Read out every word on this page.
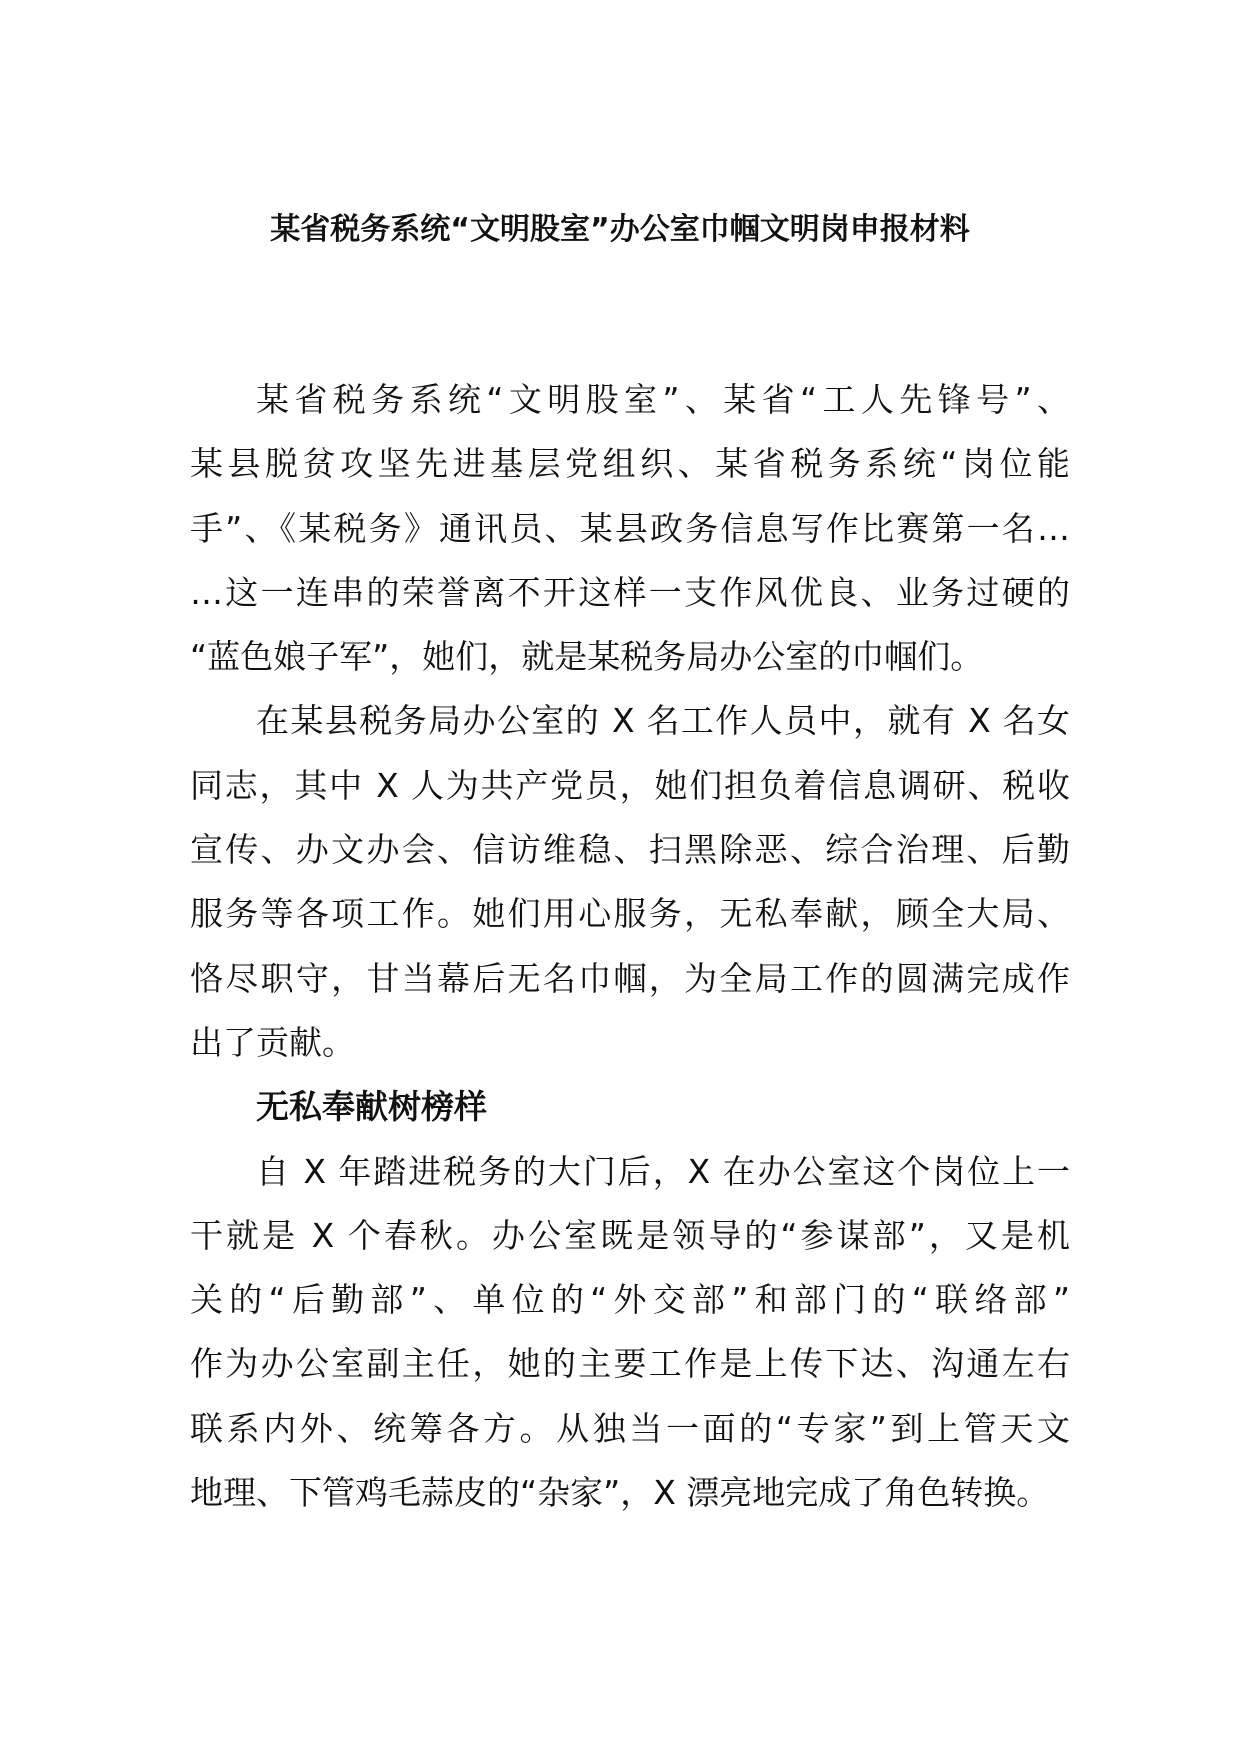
某省税务系统“文明股室”办公室巾帼文明岗申报材料
某省税务系统“文明股室”、某省“工人先锋号”、
某县脱贫攻坚先进基层党组织、某省税务系统“岗位能
手”、《某税务》通讯员、某县政务信息写作比赛第一名…
…这一连串的荣誉离不开这样一支作风优良、业务过硬的
“蓝色娘子军”，她们，就是某税务局办公室的巾帼们。
在某县税务局办公室的 X 名工作人员中，就有 X 名女
同志，其中 X 人为共产党员，她们担负着信息调研、税收
宣传、办文办会、信访维稳、扫黑除恶、综合治理、后勤
服务等各项工作。她们用心服务，无私奉献，顾全大局、
恪尽职守，甘当幕后无名巾帼，为全局工作的圆满完成作
出了贡献。
无私奉献树榜样
自 X 年踏进税务的大门后，X 在办公室这个岗位上一
干就是 X 个春秋。办公室既是领导的“参谋部”，又是机
关的“后勤部”、单位的“外交部”和部门的“联络部”
作为办公室副主任，她的主要工作是上传下达、沟通左右
联系内外、统筹各方。从独当一面的“专家”到上管天文
地理、下管鸡毛蒜皮的“杂家”，X 漂亮地完成了角色转换。
